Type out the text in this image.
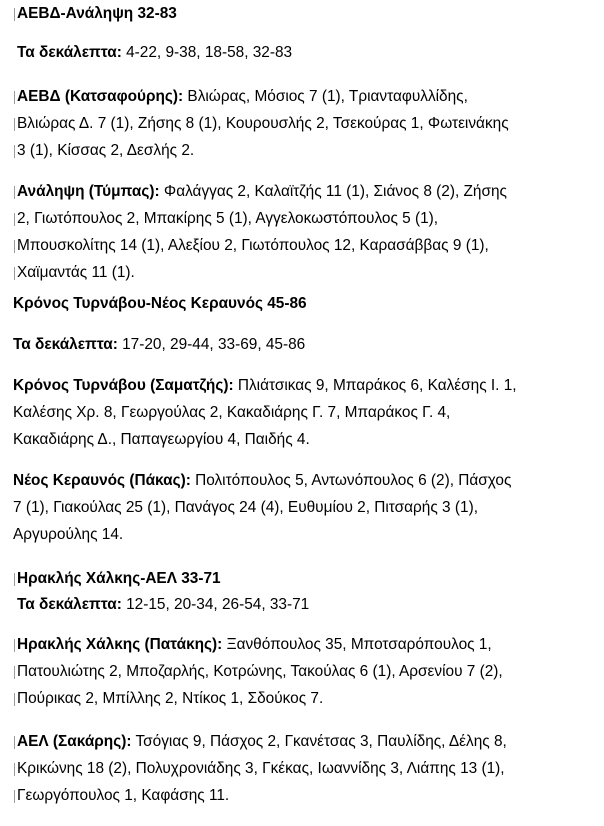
ΑΕΒΔ-Ανάληψη 32-83
Τα δεκάλεπτα: 4-22, 9-38, 18-58, 32-83
ΑΕΒΔ (Κατσαφούρης): Βλιώρας, Μόσιος 7 (1), Τριανταφυλλίδης,
Βλιώρας Δ. 7 (1), Ζήσης 8 (1), Κουρουσλής 2, Τσεκούρας 1, Φωτεινάκης
3 (1), Κίσσας 2, Δεσλής 2.
Ανάληψη (Τύμπας): Φαλάγγας 2, Καλαϊτζής 11 (1), Σιάνος 8 (2), Ζήσης
2, Γιωτόπουλος 2, Μπακίρης 5 (1), Αγγελοκωστόπουλος 5 (1),
Μπουσκολίτης 14 (1), Αλεξίου 2, Γιωτόπουλος 12, Καρασάββας 9 (1),
Χαϊμαντάς 11 (1).
Κρόνος Τυρνάβου-Νέος Κεραυνός 45-86
Τα δεκάλεπτα: 17-20, 29-44, 33-69, 45-86
Κρόνος Τυρνάβου (Σαματζής): Πλιάτσικας 9, Μπαράκος 6, Καλέσης Ι. 1,
Καλέσης Χρ. 8, Γεωργούλας 2, Κακαδιάρης Γ. 7, Μπαράκος Γ. 4,
Κακαδιάρης Δ., Παπαγεωργίου 4, Παιδής 4.
Νέος Κεραυνός (Πάκας): Πολιτόπουλος 5, Αντωνόπουλος 6 (2), Πάσχος
7 (1), Γιακούλας 25 (1), Πανάγος 24 (4), Ευθυμίου 2, Πιτσαρής 3 (1),
Αργυρούλης 14.
Ηρακλής Χάλκης-ΑΕΛ 33-71
Τα δεκάλεπτα: 12-15, 20-34, 26-54, 33-71
Ηρακλής Χάλκης (Πατάκης): Ξανθόπουλος 35, Μποτσαρόπουλος 1,
Πατουλιώτης 2, Μποζαρλής, Κοτρώνης, Τακούλας 6 (1), Αρσενίου 7 (2),
Πούρικας 2, Μπίλλης 2, Ντίκος 1, Σδούκος 7.
ΑΕΛ (Σακάρης): Τσόγιας 9, Πάσχος 2, Γκανέτσας 3, Παυλίδης, Δέλης 8,
Κρικώνης 18 (2), Πολυχρονιάδης 3, Γκέκας, Ιωαννίδης 3, Λιάπης 13 (1),
Γεωργόπουλος 1, Καφάσης 11.
